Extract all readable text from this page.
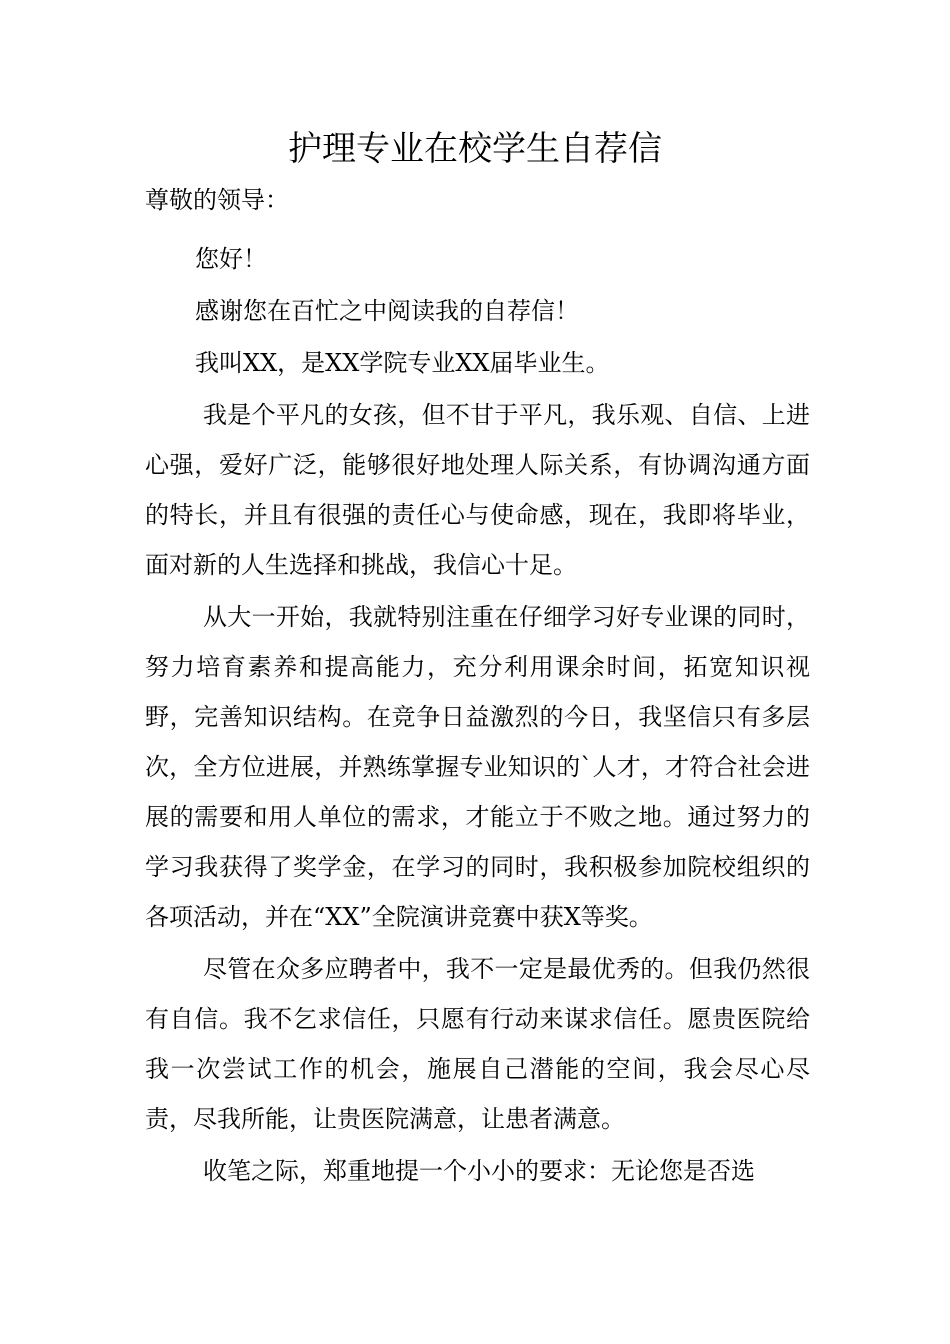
护理专业在校学生自荐信

尊敬的领导：

您好！

感谢您在百忙之中阅读我的自荐信！

我叫XX，是XX学院专业XX届毕业生。

我是个平凡的女孩，但不甘于平凡，我乐观、自信、上进心强，爱好广泛，能够很好地处理人际关系，有协调沟通方面的特长，并且有很强的责任心与使命感，现在，我即将毕业，面对新的人生选择和挑战，我信心十足。

从大一开始，我就特别注重在仔细学习好专业课的同时，努力培育素养和提高能力，充分利用课余时间，拓宽知识视野，完善知识结构。在竞争日益激烈的今日，我坚信只有多层次，全方位进展，并熟练掌握专业知识的`人才，才符合社会进展的需要和用人单位的需求，才能立于不败之地。通过努力的学习我获得了奖学金，在学习的同时，我积极参加院校组织的各项活动，并在“XX”全院演讲竞赛中获X等奖。

尽管在众多应聘者中，我不一定是最优秀的。但我仍然很有自信。我不乞求信任，只愿有行动来谋求信任。愿贵医院给我一次尝试工作的机会，施展自己潜能的空间，我会尽心尽责，尽我所能，让贵医院满意，让患者满意。

收笔之际，郑重地提一个小小的要求：无论您是否选
